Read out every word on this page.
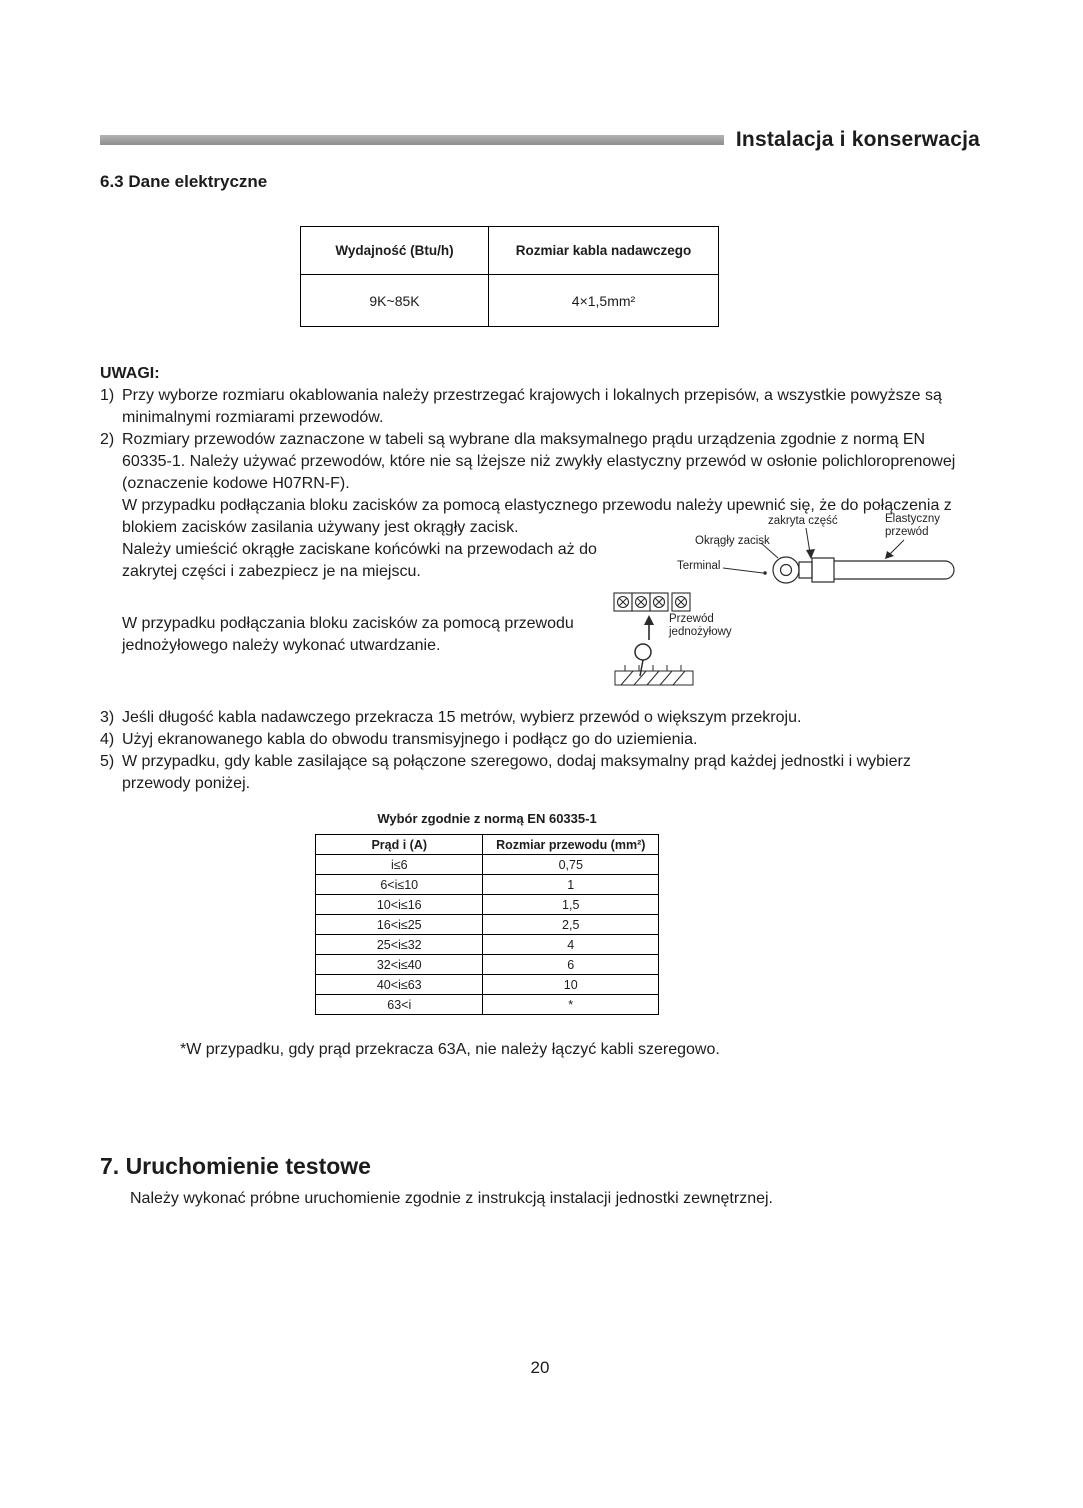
Instalacja i konserwacja
6.3 Dane elektryczne
Wydajność (Btu/h)	Rozmiar kabla nadawczego
9K~85K	4×1,5mm²
UWAGI:
1) Przy wyborze rozmiaru okablowania należy przestrzegać krajowych i lokalnych przepisów, a wszystkie powyższe są minimalnymi rozmiarami przewodów.
2) Rozmiary przewodów zaznaczone w tabeli są wybrane dla maksymalnego prądu urządzenia zgodnie z normą EN 60335-1. Należy używać przewodów, które nie są lżejsze niż zwykły elastyczny przewód w osłonie polichloroprenowej (oznaczenie kodowe H07RN-F).

W przypadku podłączania bloku zacisków za pomocą elastycznego przewodu należy upewnić się, że do połączenia z blokiem zacisków zasilania używany jest okrągły zacisk.

Należy umieścić okrągłe zaciskane końcówki na przewodach aż do zakrytej części i zabezpiecz je na miejscu.

W przypadku podłączania bloku zacisków za pomocą przewodu jednożyłowego należy wykonać utwardzanie.

zakryta część	Elastyczny przewód
Okrągły zacisk
Terminal
Przewód jednożyłowy
3) Jeśli długość kabla nadawczego przekracza 15 metrów, wybierz przewód o większym przekroju.
4) Użyj ekranowanego kabla do obwodu transmisyjnego i podłącz go do uziemienia.
5) W przypadku, gdy kable zasilające są połączone szeregowo, dodaj maksymalny prąd każdej jednostki i wybierz przewody poniżej.
Wybór zgodnie z normą EN 60335-1
Prąd i (A)	Rozmiar przewodu (mm²)
i≤6	0,75
6<i≤10	1
10<i≤16	1,5
16<i≤25	2,5
25<i≤32	4
32<i≤40	6
40<i≤63	10
63<i	*

*W przypadku, gdy prąd przekracza 63A, nie należy łączyć kabli szeregowo.

7. Uruchomienie testowe

Należy wykonać próbne uruchomienie zgodnie z instrukcją instalacji jednostki zewnętrznej.

20
